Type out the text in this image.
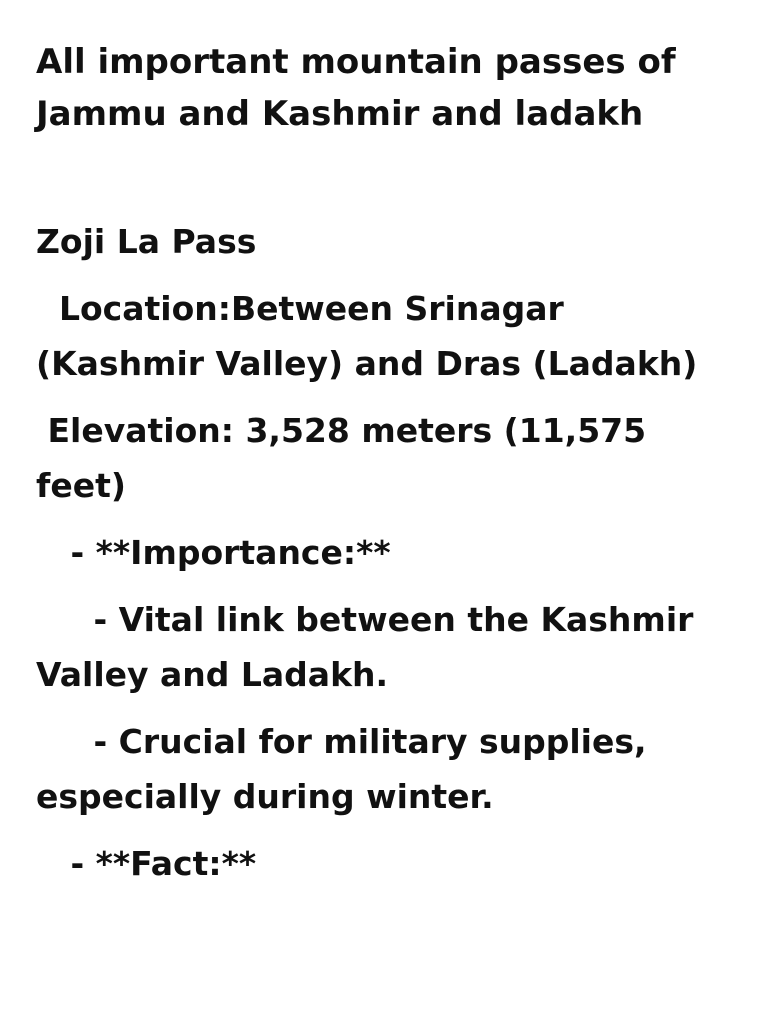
All important mountain passes of Jammu and Kashmir and ladakh

Zoji La Pass

Location:Between Srinagar (Kashmir Valley) and Dras (Ladakh)

Elevation: 3,528 meters (11,575 feet)

- **Importance:**

- Vital link between the Kashmir Valley and Ladakh.

- Crucial for military supplies, especially during winter.

- **Fact:**
